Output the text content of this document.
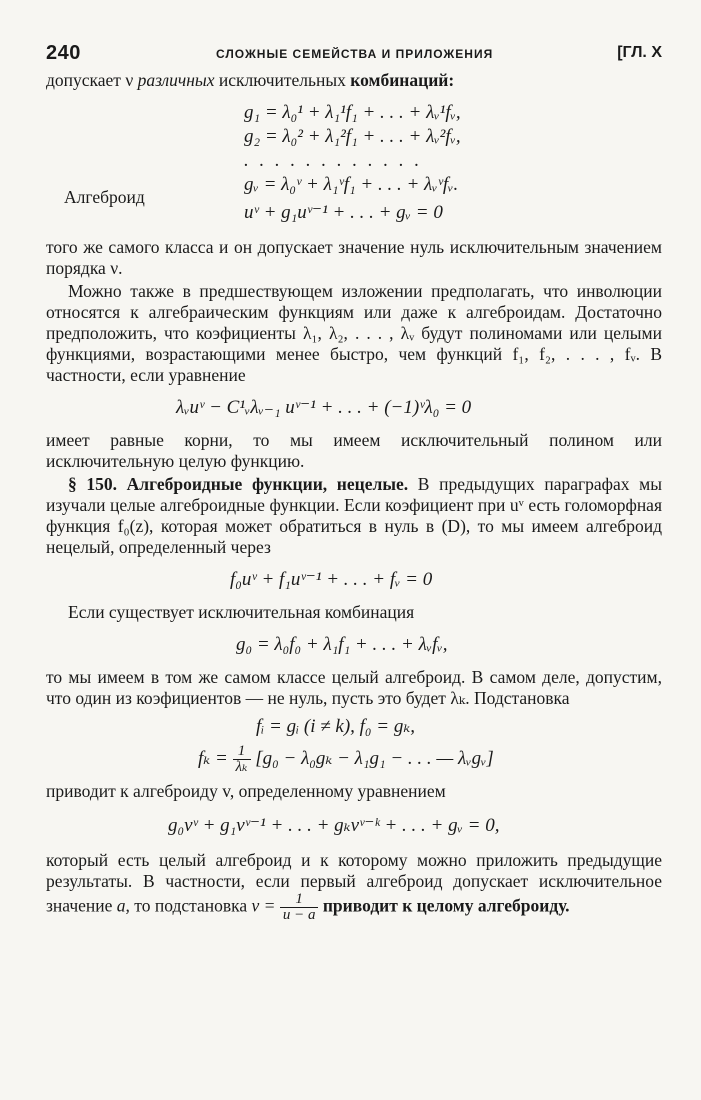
240	СЛОЖНЫЕ СЕМЕЙСТВА И ПРИЛОЖЕНИЯ	[ГЛ. X

допускает ν различных исключительных комбинаций:

g₁ = λ₀¹ + λ₁¹f₁ + . . . + λᵥ¹fᵥ,
g₂ = λ₀² + λ₁²f₁ + . . . + λᵥ²fᵥ,
. . . . . . . . . . . .
gᵥ = λ₀ᵛ + λ₁ᵛf₁ + . . . + λᵥᵛfᵥ.
Алгеброид
uᵛ + g₁uᵛ⁻¹ + . . . + gᵥ = 0

того же самого класса и он допускает значение нуль исключительным значением порядка ν.

Можно также в предшествующем изложении предполагать, что инволюции относятся к алгебраическим функциям или даже к алгеброидам. Достаточно предположить, что коэфициенты λ₁, λ₂, . . . , λᵥ будут полиномами или целыми функциями, возрастающими менее быстро, чем функций f₁, f₂, . . . , fᵥ. В частности, если уравнение

λᵥuᵛ − C¹ᵥλᵥ₋₁ uᵛ⁻¹ + . . . + (−1)ᵛλ₀ = 0

имеет равные корни, то мы имеем исключительный полином или исключительную целую функцию.

§ 150. Алгеброидные функции, нецелые. В предыдущих параграфах мы изучали целые алгеброидные функции. Если коэфициент при uᵛ есть голоморфная функция f₀(z), которая может обратиться в нуль в (D), то мы имеем алгеброид нецелый, определенный через

f₀uᵛ + f₁uᵛ⁻¹ + . . . + fᵥ = 0

Если существует исключительная комбинация

g₀ = λ₀f₀ + λ₁f₁ + . . . + λᵥfᵥ,

то мы имеем в том же самом классе целый алгеброид. В самом деле, допустим, что один из коэфициентов — не нуль, пусть это будет λₖ. Подстановка

fᵢ = gᵢ (i ≠ k), f₀ = gₖ,
$f_k = \frac{1}{\text{λₖ}} [g_0 - \lambda_0g_k - \lambda_1g_1$ − . . . — λᵥgᵥ]

приводит к алгеброиду v, определенному уравнением

g₀vᵛ + g₁vᵛ⁻¹ + . . . + gₖvᵛ⁻ᵏ + . . . + gᵥ = 0,

который есть целый алгеброид и к которому можно приложить предыдущие результаты. В частности, если первый алгеброид допускает исключительное значение a, то подстановка $v = \frac{1}{u - a}$ приводит к целому алгеброиду.
